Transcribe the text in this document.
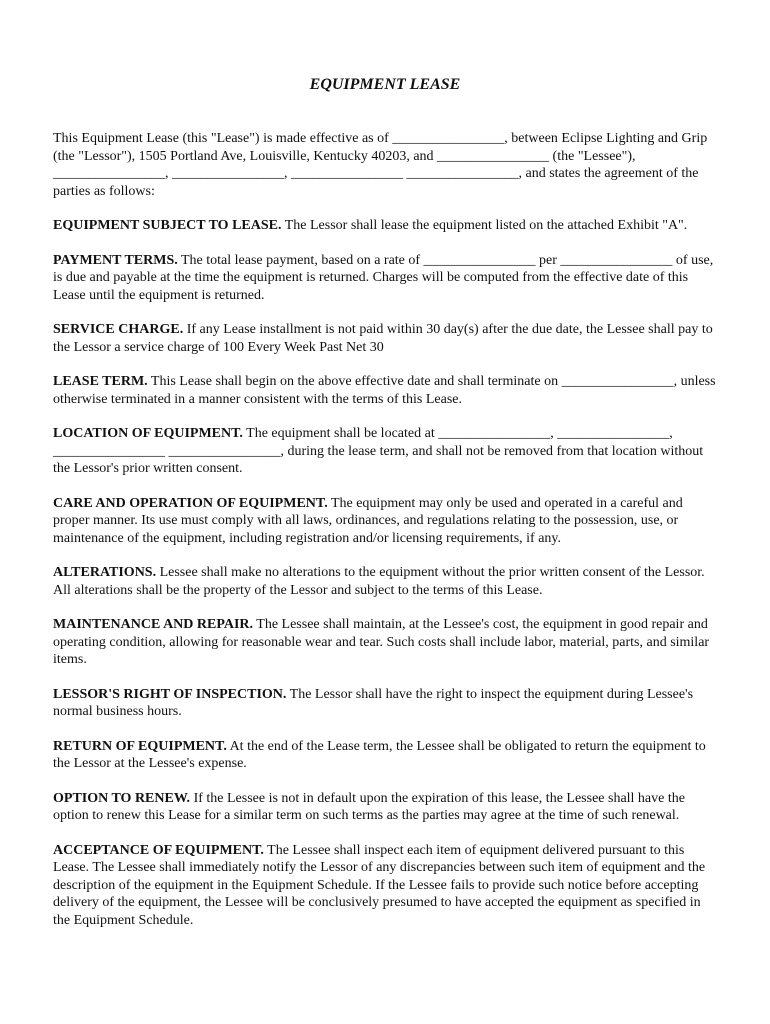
EQUIPMENT LEASE

This Equipment Lease (this "Lease") is made effective as of ________________, between Eclipse Lighting and Grip (the "Lessor"), 1505 Portland Ave, Louisville, Kentucky 40203, and ________________ (the "Lessee"), ________________, ________________, ________________ ________________, and states the agreement of the parties as follows:

EQUIPMENT SUBJECT TO LEASE. The Lessor shall lease the equipment listed on the attached Exhibit "A".

PAYMENT TERMS. The total lease payment, based on a rate of ________________ per ________________ of use, is due and payable at the time the equipment is returned. Charges will be computed from the effective date of this Lease until the equipment is returned.

SERVICE CHARGE. If any Lease installment is not paid within 30 day(s) after the due date, the Lessee shall pay to the Lessor a service charge of 100 Every Week Past Net 30

LEASE TERM. This Lease shall begin on the above effective date and shall terminate on ________________, unless otherwise terminated in a manner consistent with the terms of this Lease.

LOCATION OF EQUIPMENT. The equipment shall be located at ________________, ________________, ________________ ________________, during the lease term, and shall not be removed from that location without the Lessor's prior written consent.

CARE AND OPERATION OF EQUIPMENT. The equipment may only be used and operated in a careful and proper manner. Its use must comply with all laws, ordinances, and regulations relating to the possession, use, or maintenance of the equipment, including registration and/or licensing requirements, if any.

ALTERATIONS. Lessee shall make no alterations to the equipment without the prior written consent of the Lessor. All alterations shall be the property of the Lessor and subject to the terms of this Lease.

MAINTENANCE AND REPAIR. The Lessee shall maintain, at the Lessee's cost, the equipment in good repair and operating condition, allowing for reasonable wear and tear. Such costs shall include labor, material, parts, and similar items.

LESSOR'S RIGHT OF INSPECTION. The Lessor shall have the right to inspect the equipment during Lessee's normal business hours.

RETURN OF EQUIPMENT. At the end of the Lease term, the Lessee shall be obligated to return the equipment to the Lessor at the Lessee's expense.

OPTION TO RENEW. If the Lessee is not in default upon the expiration of this lease, the Lessee shall have the option to renew this Lease for a similar term on such terms as the parties may agree at the time of such renewal.

ACCEPTANCE OF EQUIPMENT. The Lessee shall inspect each item of equipment delivered pursuant to this Lease. The Lessee shall immediately notify the Lessor of any discrepancies between such item of equipment and the description of the equipment in the Equipment Schedule. If the Lessee fails to provide such notice before accepting delivery of the equipment, the Lessee will be conclusively presumed to have accepted the equipment as specified in the Equipment Schedule.
